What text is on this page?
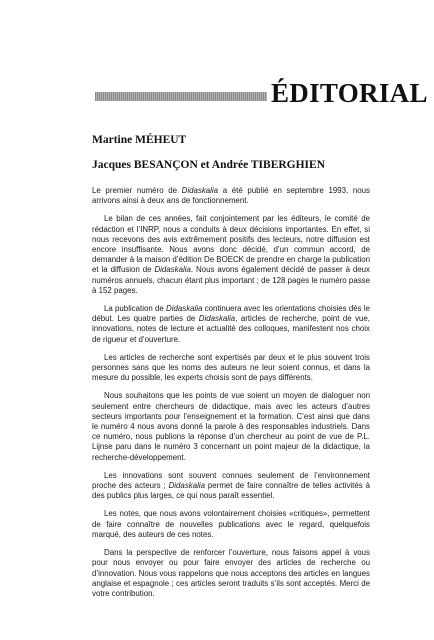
ÉDITORIAL
Martine MÉHEUT
Jacques BESANÇON et Andrée TIBERGHIEN

Le premier numéro de Didaskalia a été publié en septembre 1993, nous arrivons ainsi à deux ans de fonctionnement.

Le bilan de ces années, fait conjointement par les éditeurs, le comité de rédaction et l’INRP, nous a conduits à deux décisions importantes. En effet, si nous recevons des avis extrêmement positifs des lecteurs, notre diffusion est encore insuffisante. Nous avons donc décidé, d’un commun accord, de demander à la maison d’édition De BOECK de prendre en charge la publication et la diffusion de Didaskalia. Nous avons également décidé de passer à deux numéros annuels, chacun étant plus important ; de 128 pages le numéro passe à 152 pages.

La publication de Didaskalia continuera avec les orientations choisies dès le début. Les quatre parties de Didaskalia, articles de recherche, point de vue, innovations, notes de lecture et actualité des colloques, manifestent nos choix de rigueur et d’ouverture.

Les articles de recherche sont expertisés par deux et le plus souvent trois personnes sans que les noms des auteurs ne leur soient connus, et dans la mesure du possible, les experts choisis sont de pays différents.

Nous souhaitons que les points de vue soient un moyen de dialoguer non seulement entre chercheurs de didactique, mais avec les acteurs d’autres secteurs importants pour l’enseignement et la formation. C’est ainsi que dans le numéro 4 nous avons donné la parole à des responsables industriels. Dans ce numéro, nous publions la réponse d’un chercheur au point de vue de P.L. Lijnse paru dans le numéro 3 concernant un point majeur de la didactique, la recherche-développement.

Les innovations sont souvent connues seulement de l’environnement proche des acteurs ; Didaskalia permet de faire connaître de telles activités à des publics plus larges, ce qui nous paraît essentiel.

Les notes, que nous avons volontairement choisies «critiques», permettent de faire connaître de nouvelles publications avec le regard, quelquefois marqué, des auteurs de ces notes.

Dans la perspective de renforcer l’ouverture, nous faisons appel à vous pour nous envoyer ou pour faire envoyer des articles de recherche ou d’innovation. Nous vous rappelons que nous acceptons des articles en langues anglaise et espagnole ; ces articles seront traduits s’ils sont acceptés. Merci de votre contribution.
